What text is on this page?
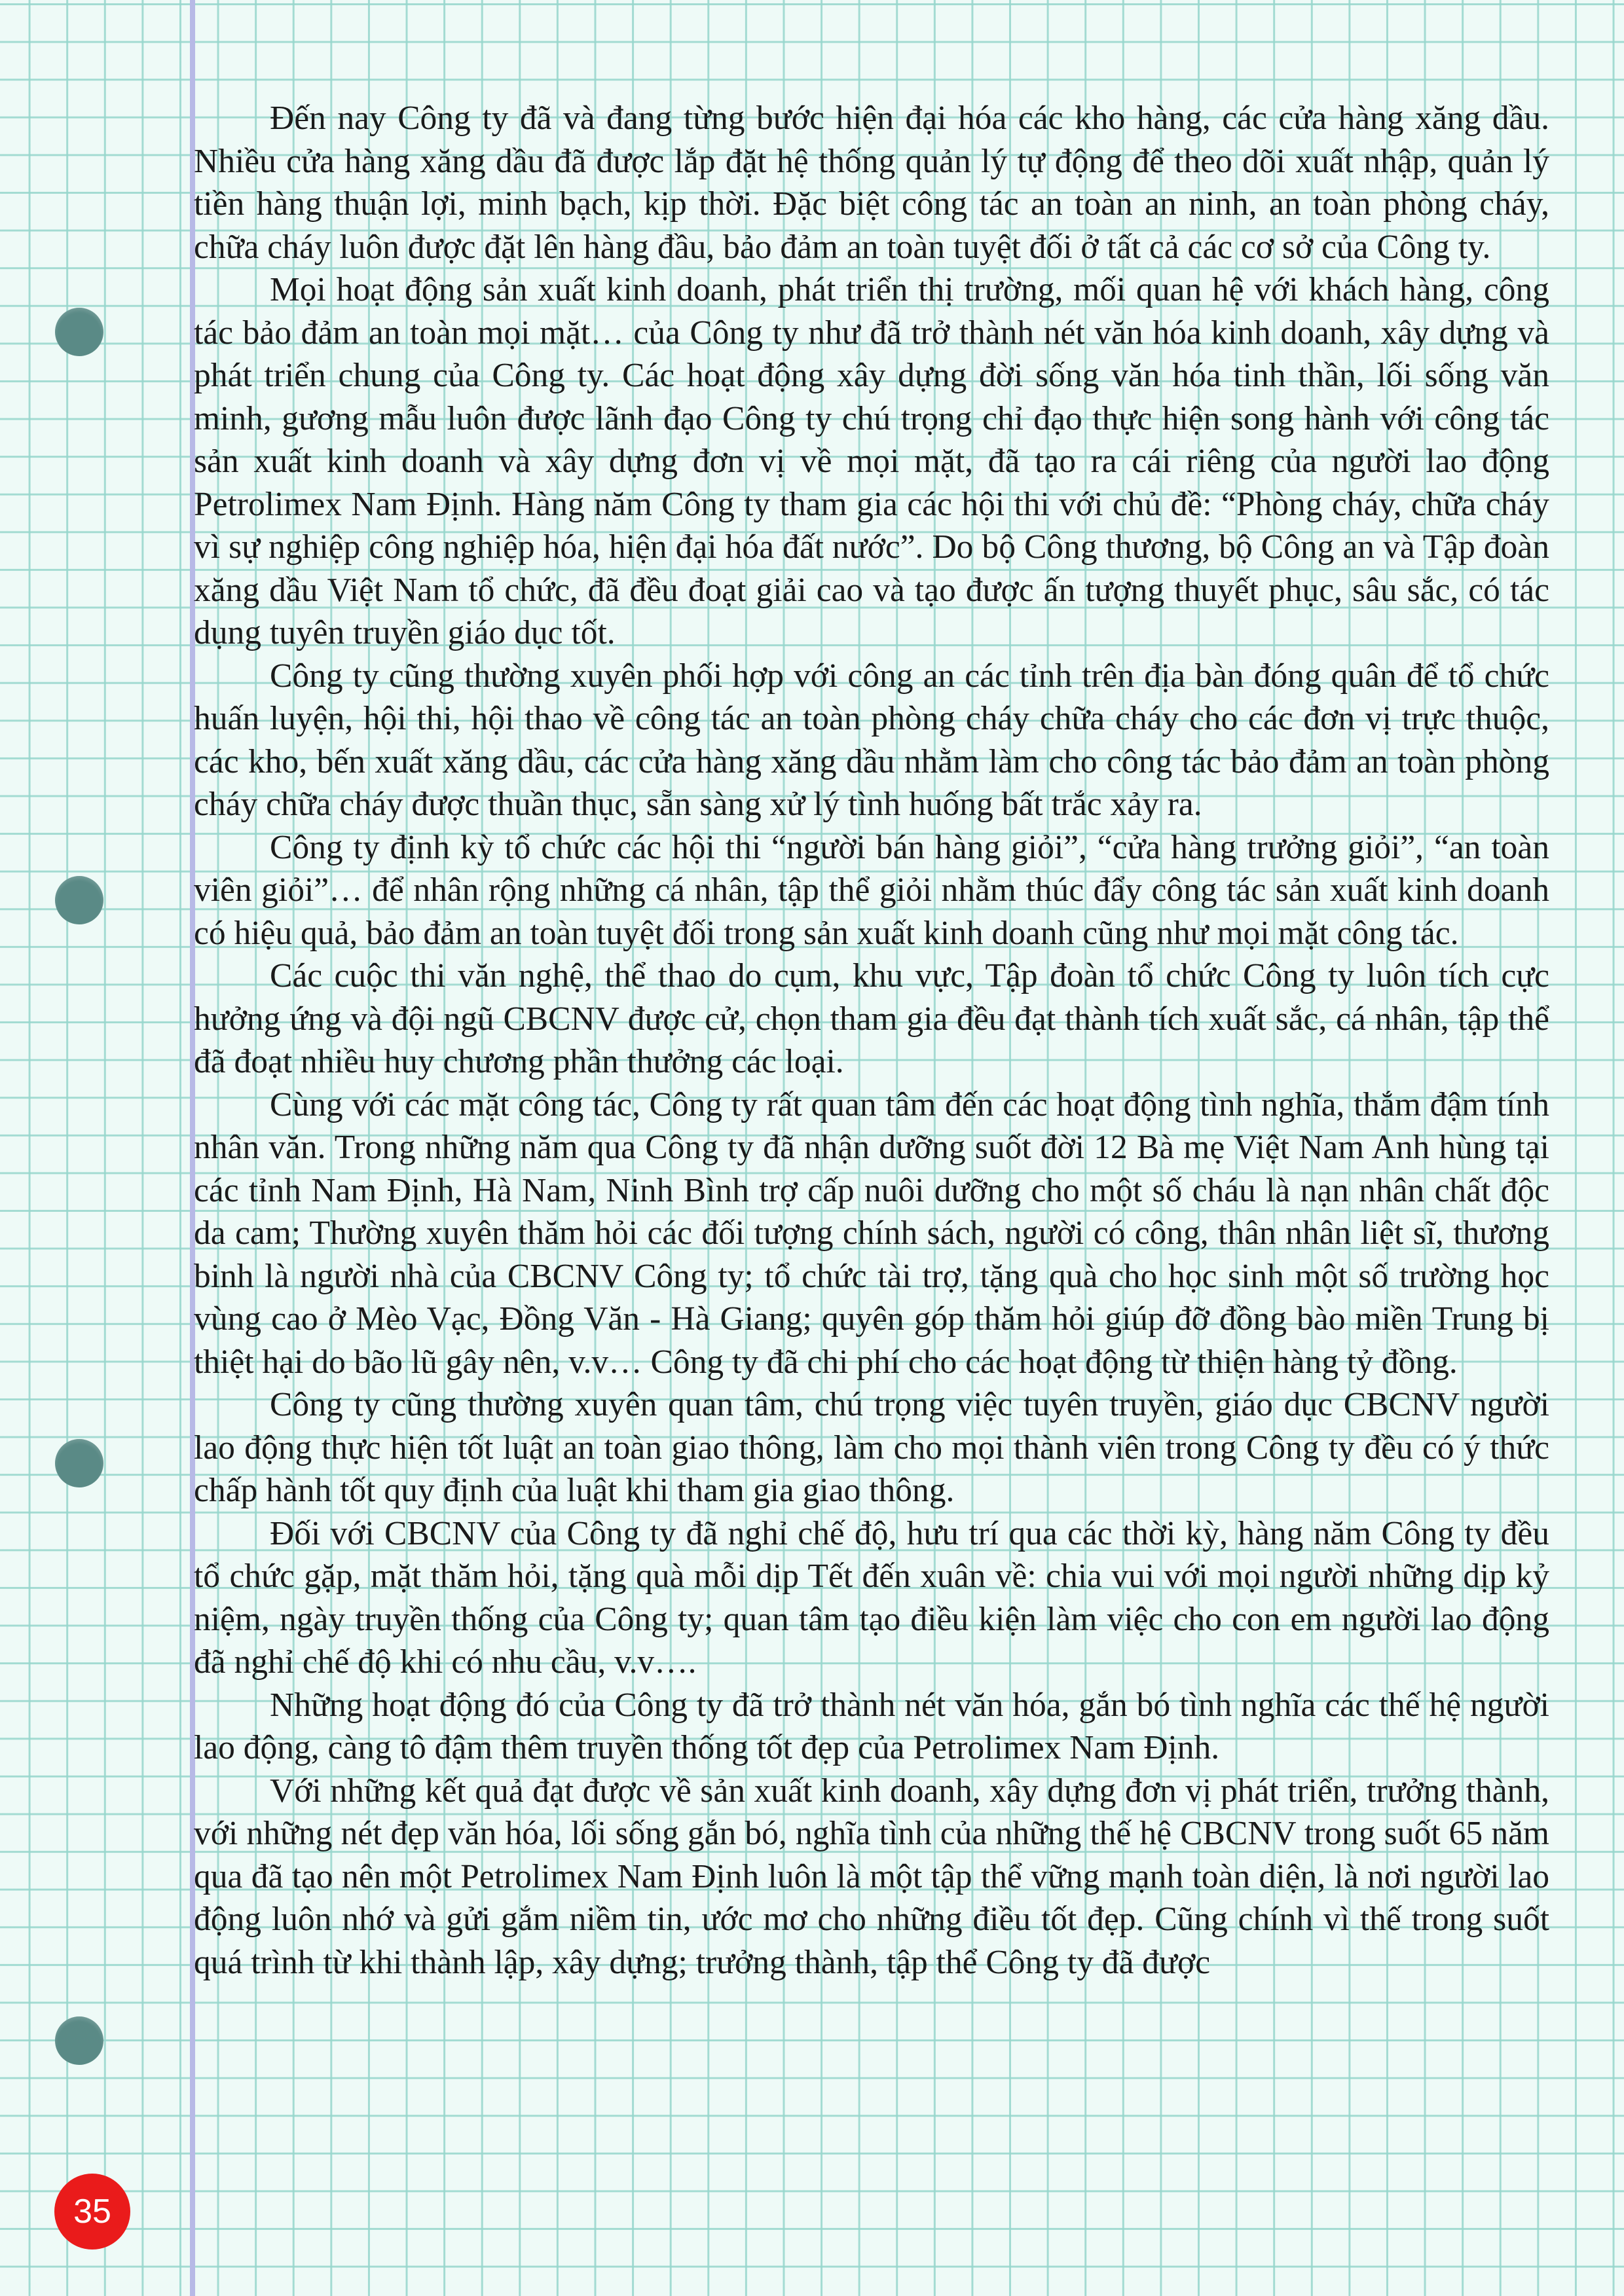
Đến nay Công ty đã và đang từng bước hiện đại hóa các kho hàng, các cửa hàng xăng dầu. Nhiều cửa hàng xăng dầu đã được lắp đặt hệ thống quản lý tự động để theo dõi xuất nhập, quản lý tiền hàng thuận lợi, minh bạch, kịp thời. Đặc biệt công tác an toàn an ninh, an toàn phòng cháy, chữa cháy luôn được đặt lên hàng đầu, bảo đảm an toàn tuyệt đối ở tất cả các cơ sở của Công ty.

Mọi hoạt động sản xuất kinh doanh, phát triển thị trường, mối quan hệ với khách hàng, công tác bảo đảm an toàn mọi mặt… của Công ty như đã trở thành nét văn hóa kinh doanh, xây dựng và phát triển chung của Công ty. Các hoạt động xây dựng đời sống văn hóa tinh thần, lối sống văn minh, gương mẫu luôn được lãnh đạo Công ty chú trọng chỉ đạo thực hiện song hành với công tác sản xuất kinh doanh và xây dựng đơn vị về mọi mặt, đã tạo ra cái riêng của người lao động Petrolimex Nam Định. Hàng năm Công ty tham gia các hội thi với chủ đề: “Phòng cháy, chữa cháy vì sự nghiệp công nghiệp hóa, hiện đại hóa đất nước”. Do bộ Công thương, bộ Công an và Tập đoàn xăng dầu Việt Nam tổ chức, đã đều đoạt giải cao và tạo được ấn tượng thuyết phục, sâu sắc, có tác dụng tuyên truyền giáo dục tốt.

Công ty cũng thường xuyên phối hợp với công an các tỉnh trên địa bàn đóng quân để tổ chức huấn luyện, hội thi, hội thao về công tác an toàn phòng cháy chữa cháy cho các đơn vị trực thuộc, các kho, bến xuất xăng dầu, các cửa hàng xăng dầu nhằm làm cho công tác bảo đảm an toàn phòng cháy chữa cháy được thuần thục, sẵn sàng xử lý tình huống bất trắc xảy ra.

Công ty định kỳ tổ chức các hội thi “người bán hàng giỏi”, “cửa hàng trưởng giỏi”, “an toàn viên giỏi”… để nhân rộng những cá nhân, tập thể giỏi nhằm thúc đẩy công tác sản xuất kinh doanh có hiệu quả, bảo đảm an toàn tuyệt đối trong sản xuất kinh doanh cũng như mọi mặt công tác.

Các cuộc thi văn nghệ, thể thao do cụm, khu vực, Tập đoàn tổ chức Công ty luôn tích cực hưởng ứng và đội ngũ CBCNV được cử, chọn tham gia đều đạt thành tích xuất sắc, cá nhân, tập thể đã đoạt nhiều huy chương phần thưởng các loại.

Cùng với các mặt công tác, Công ty rất quan tâm đến các hoạt động tình nghĩa, thắm đậm tính nhân văn. Trong những năm qua Công ty đã nhận dưỡng suốt đời 12 Bà mẹ Việt Nam Anh hùng tại các tỉnh Nam Định, Hà Nam, Ninh Bình trợ cấp nuôi dưỡng cho một số cháu là nạn nhân chất độc da cam; Thường xuyên thăm hỏi các đối tượng chính sách, người có công, thân nhân liệt sĩ, thương binh là người nhà của CBCNV Công ty; tổ chức tài trợ, tặng quà cho học sinh một số trường học vùng cao ở Mèo Vạc, Đồng Văn - Hà Giang; quyên góp thăm hỏi giúp đỡ đồng bào miền Trung bị thiệt hại do bão lũ gây nên, v.v… Công ty đã chi phí cho các hoạt động từ thiện hàng tỷ đồng.

Công ty cũng thường xuyên quan tâm, chú trọng việc tuyên truyền, giáo dục CBCNV người lao động thực hiện tốt luật an toàn giao thông, làm cho mọi thành viên trong Công ty đều có ý thức chấp hành tốt quy định của luật khi tham gia giao thông.

Đối với CBCNV của Công ty đã nghỉ chế độ, hưu trí qua các thời kỳ, hàng năm Công ty đều tổ chức gặp, mặt thăm hỏi, tặng quà mỗi dịp Tết đến xuân về: chia vui với mọi người những dịp kỷ niệm, ngày truyền thống của Công ty; quan tâm tạo điều kiện làm việc cho con em người lao động đã nghỉ chế độ khi có nhu cầu, v.v….

Những hoạt động đó của Công ty đã trở thành nét văn hóa, gắn bó tình nghĩa các thế hệ người lao động, càng tô đậm thêm truyền thống tốt đẹp của Petrolimex Nam Định.

Với những kết quả đạt được về sản xuất kinh doanh, xây dựng đơn vị phát triển, trưởng thành, với những nét đẹp văn hóa, lối sống gắn bó, nghĩa tình của những thế hệ CBCNV trong suốt 65 năm qua đã tạo nên một Petrolimex Nam Định luôn là một tập thể vững mạnh toàn diện, là nơi người lao động luôn nhớ và gửi gắm niềm tin, ước mơ cho những điều tốt đẹp. Cũng chính vì thế trong suốt quá trình từ khi thành lập, xây dựng; trưởng thành, tập thể Công ty đã được

35
